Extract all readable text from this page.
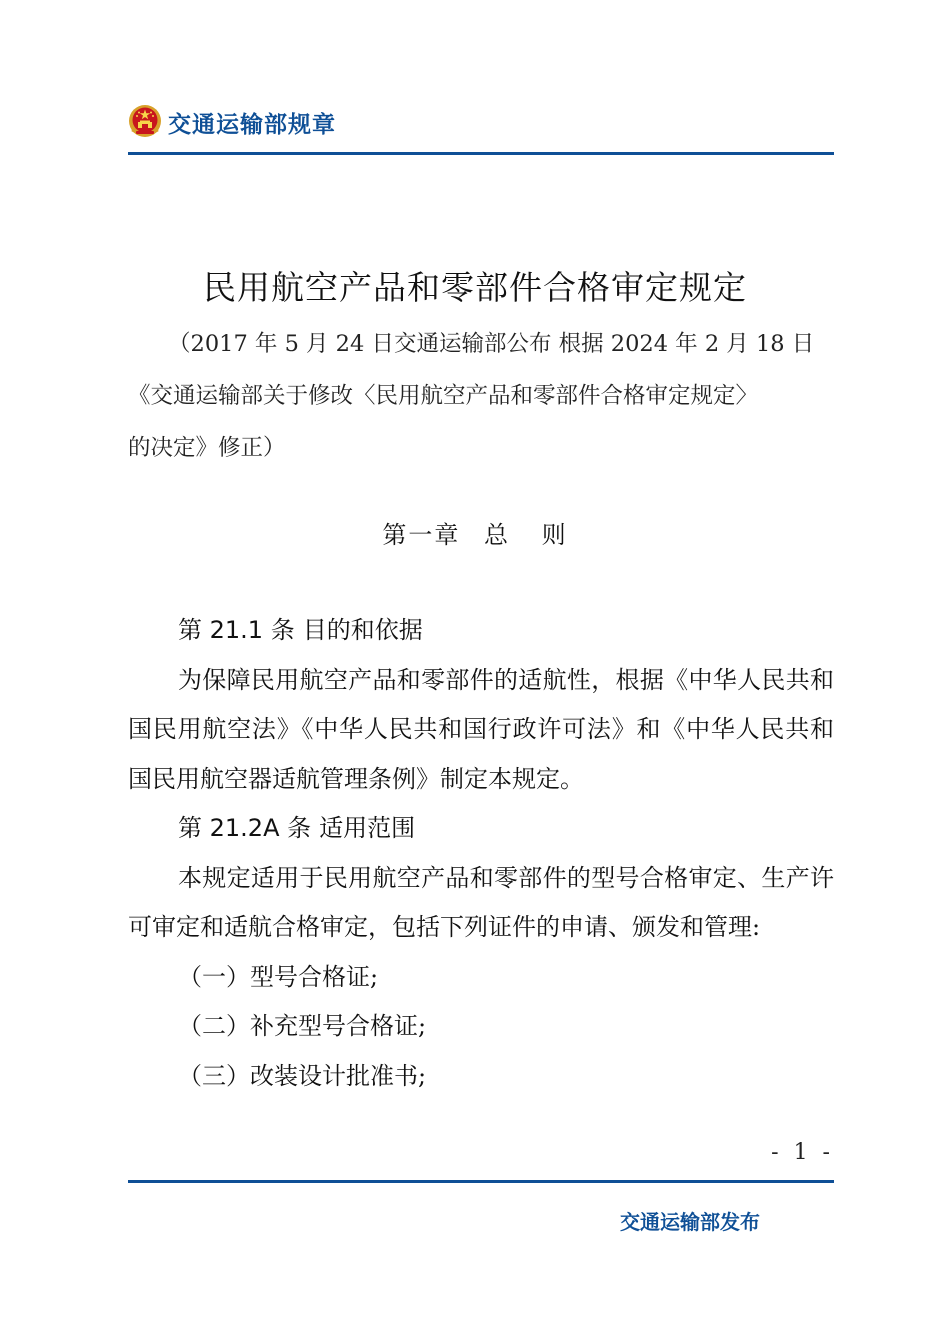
交通运输部规章
民用航空产品和零部件合格审定规定
（2017 年 5 月 24 日交通运输部公布 根据 2024 年 2 月 18 日
《交通运输部关于修改〈民用航空产品和零部件合格审定规定〉
的决定》修正）
第一章 总 则
第 21.1 条 目的和依据
为保障民用航空产品和零部件的适航性，根据《中华人民共和国民用航空法》《中华人民共和国行政许可法》和《中华人民共和国民用航空器适航管理条例》制定本规定。
第 21.2A 条 适用范围
本规定适用于民用航空产品和零部件的型号合格审定、生产许可审定和适航合格审定，包括下列证件的申请、颁发和管理:
（一）型号合格证;
（二）补充型号合格证;
（三）改装设计批准书;
- 1 -
交通运输部发布
